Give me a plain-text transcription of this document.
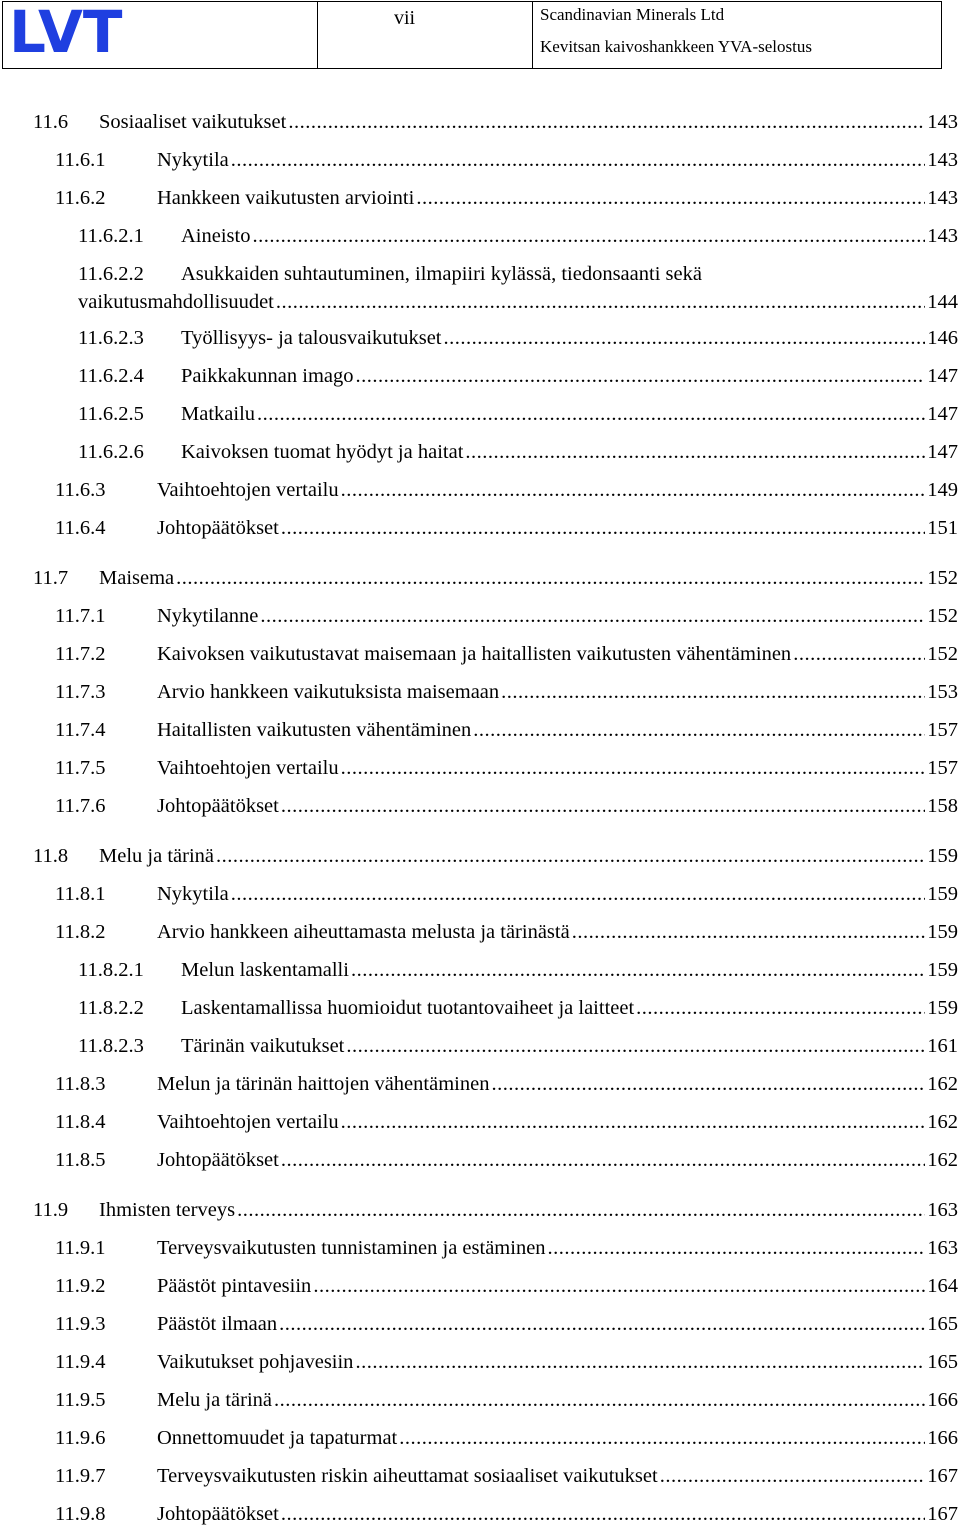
LVT	vii	Scandinavian Minerals Ltd
Kevitsan kaivoshankkeen YVA-selostus
11.6 Sosiaaliset vaikutukset .....	143
11.6.1	Nykytila .....	143
11.6.2	Hankkeen vaikutusten arviointi .....	143
11.6.2.1 Aineisto .....	143
11.6.2.2 Asukkaiden suhtautuminen, ilmapiiri kylässä, tiedonsaanti sekä
vaikutusmahdollisuudet .....	144
11.6.2.3 Työllisyys- ja talousvaikutukset .....	146
11.6.2.4 Paikkakunnan imago .....	147
11.6.2.5 Matkailu .....	147
11.6.2.6 Kaivoksen tuomat hyödyt ja haitat .....	147
11.6.3	Vaihtoehtojen vertailu .....	149
11.6.4	Johtopäätökset .....	151
11.7 Maisema .....	152
11.7.1	Nykytilanne .....	152
11.7.2	Kaivoksen vaikutustavat maisemaan ja haitallisten vaikutusten vähentäminen .....	152
11.7.3	Arvio hankkeen vaikutuksista maisemaan .....	153
11.7.4	Haitallisten vaikutusten vähentäminen .....	157
11.7.5	Vaihtoehtojen vertailu .....	157
11.7.6	Johtopäätökset .....	158
11.8 Melu ja tärinä .....	159
11.8.1	Nykytila .....	159
11.8.2	Arvio hankkeen aiheuttamasta melusta ja tärinästä .....	159
11.8.2.1 Melun laskentamalli .....	159
11.8.2.2 Laskentamallissa huomioidut tuotantovaiheet ja laitteet .....	159
11.8.2.3 Tärinän vaikutukset .....	161
11.8.3	Melun ja tärinän haittojen vähentäminen .....	162
11.8.4	Vaihtoehtojen vertailu .....	162
11.8.5	Johtopäätökset .....	162
11.9 Ihmisten terveys .....	163
11.9.1	Terveysvaikutusten tunnistaminen ja estäminen .....	163
11.9.2	Päästöt pintavesiin .....	164
11.9.3	Päästöt ilmaan .....	165
11.9.4	Vaikutukset pohjavesiin .....	165
11.9.5	Melu ja tärinä .....	166
11.9.6	Onnettomuudet ja tapaturmat .....	166
11.9.7	Terveysvaikutusten riskin aiheuttamat sosiaaliset vaikutukset .....	167
11.9.8	Johtopäätökset .....	167
